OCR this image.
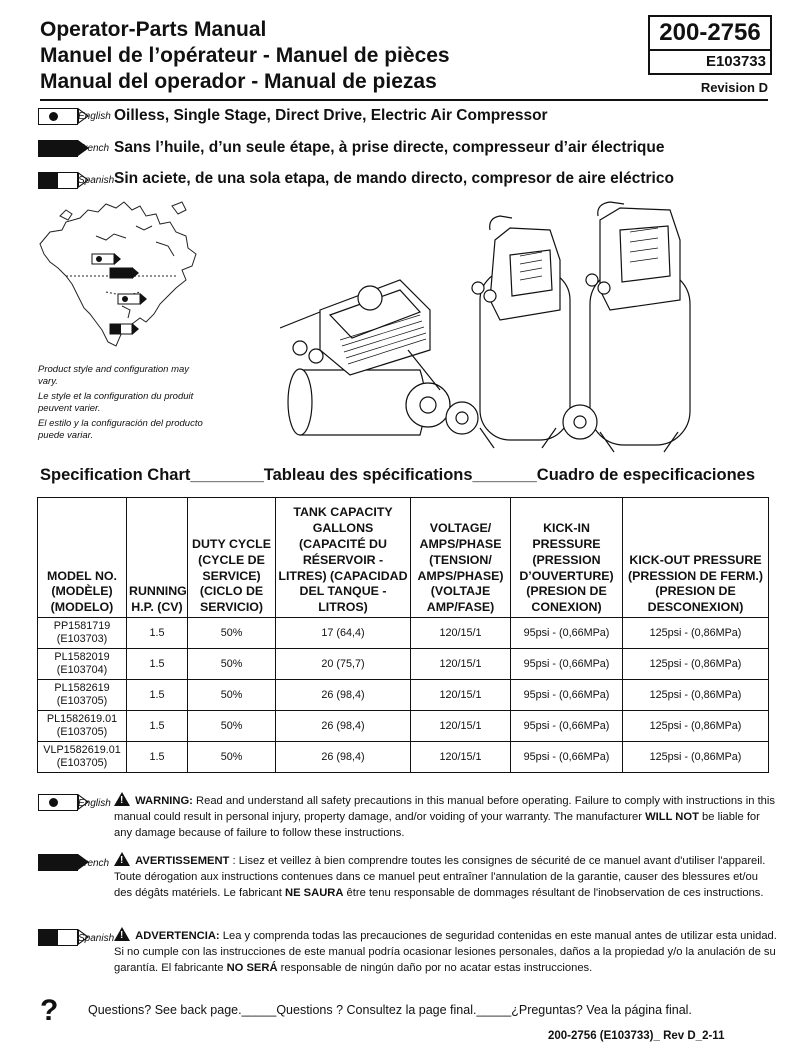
Operator-Parts Manual
Manuel de l’opérateur - Manuel de pièces
Manual del operador - Manual de piezas
200-2756
E103733
Revision D
English Oilless, Single Stage, Direct Drive, Electric Air Compressor
French Sans l’huile, d’un seule étape, à prise directe, compresseur d’air électrique
Spanish Sin aciete, de una sola etapa, de mando directo, compresor de aire eléctrico
Product style and configuration may vary.
Le style et la configuration du produit peuvent varier.
El estilo y la configuración del producto puede variar.
Specification Chart________Tableau des spécifications_______Cuadro de especificaciones
MODEL NO. (MODÈLE) (MODELO)	RUNNING H.P. (CV)	DUTY CYCLE (CYCLE DE SERVICE) (CICLO DE SERVICIO)	TANK CAPACITY GALLONS (CAPACITÉ DU RÉSERVOIR - LITRES) (CAPACIDAD DEL TANQUE - LITROS)	VOLTAGE/ AMPS/PHASE (TENSION/ AMPS/PHASE) (VOLTAJE AMP/FASE)	KICK-IN PRESSURE (PRESSION D’OUVERTURE) (PRESION DE CONEXION)	KICK-OUT PRESSURE (PRESSION DE FERM.) (PRESION DE DESCONEXION)
PP1581719
(E103703)	1.5	50%	17 (64,4)	120/15/1	95psi - (0,66MPa)	125psi - (0,86MPa)
PL1582019
(E103704)	1.5	50%	20 (75,7)	120/15/1	95psi - (0,66MPa)	125psi - (0,86MPa)
PL1582619
(E103705)	1.5	50%	26 (98,4)	120/15/1	95psi - (0,66MPa)	125psi - (0,86MPa)
PL1582619.01
(E103705)	1.5	50%	26 (98,4)	120/15/1	95psi - (0,66MPa)	125psi - (0,86MPa)
VLP1582619.01
(E103705)	1.5	50%	26 (98,4)	120/15/1	95psi - (0,66MPa)	125psi - (0,86MPa)
English !	WARNING: Read and understand all safety precautions in this manual before operating. Failure to comply with instructions in this manual could result in personal injury, property damage, and/or voiding of your warranty. The manufacturer WILL NOT be liable for any damage because of failure to follow these instructions.
French !	AVERTISSEMENT : Lisez et veillez à bien comprendre toutes les consignes de sécurité de ce manuel avant d'utiliser l'appareil. Toute dérogation aux instructions contenues dans ce manuel peut entraîner l'annulation de la garantie, causer des blessures et/ou des dégâts matériels. Le fabricant NE SAURA être tenu responsable de dommages résultant de l'inobservation de ces instructions.
Spanish !	ADVERTENCIA: Lea y comprenda todas las precauciones de seguridad contenidas en este manual antes de utilizar esta unidad. Si no cumple con las instrucciones de este manual podría ocasionar lesiones personales, daños a la propiedad y/o la anulación de su garantía. El fabricante NO SERÁ responsable de ningún daño por no acatar estas instrucciones.
? Questions? See back page._____Questions ? Consultez la page final._____¿Preguntas? Vea la página final.
200-2756 (E103733)_ Rev D_2-11
